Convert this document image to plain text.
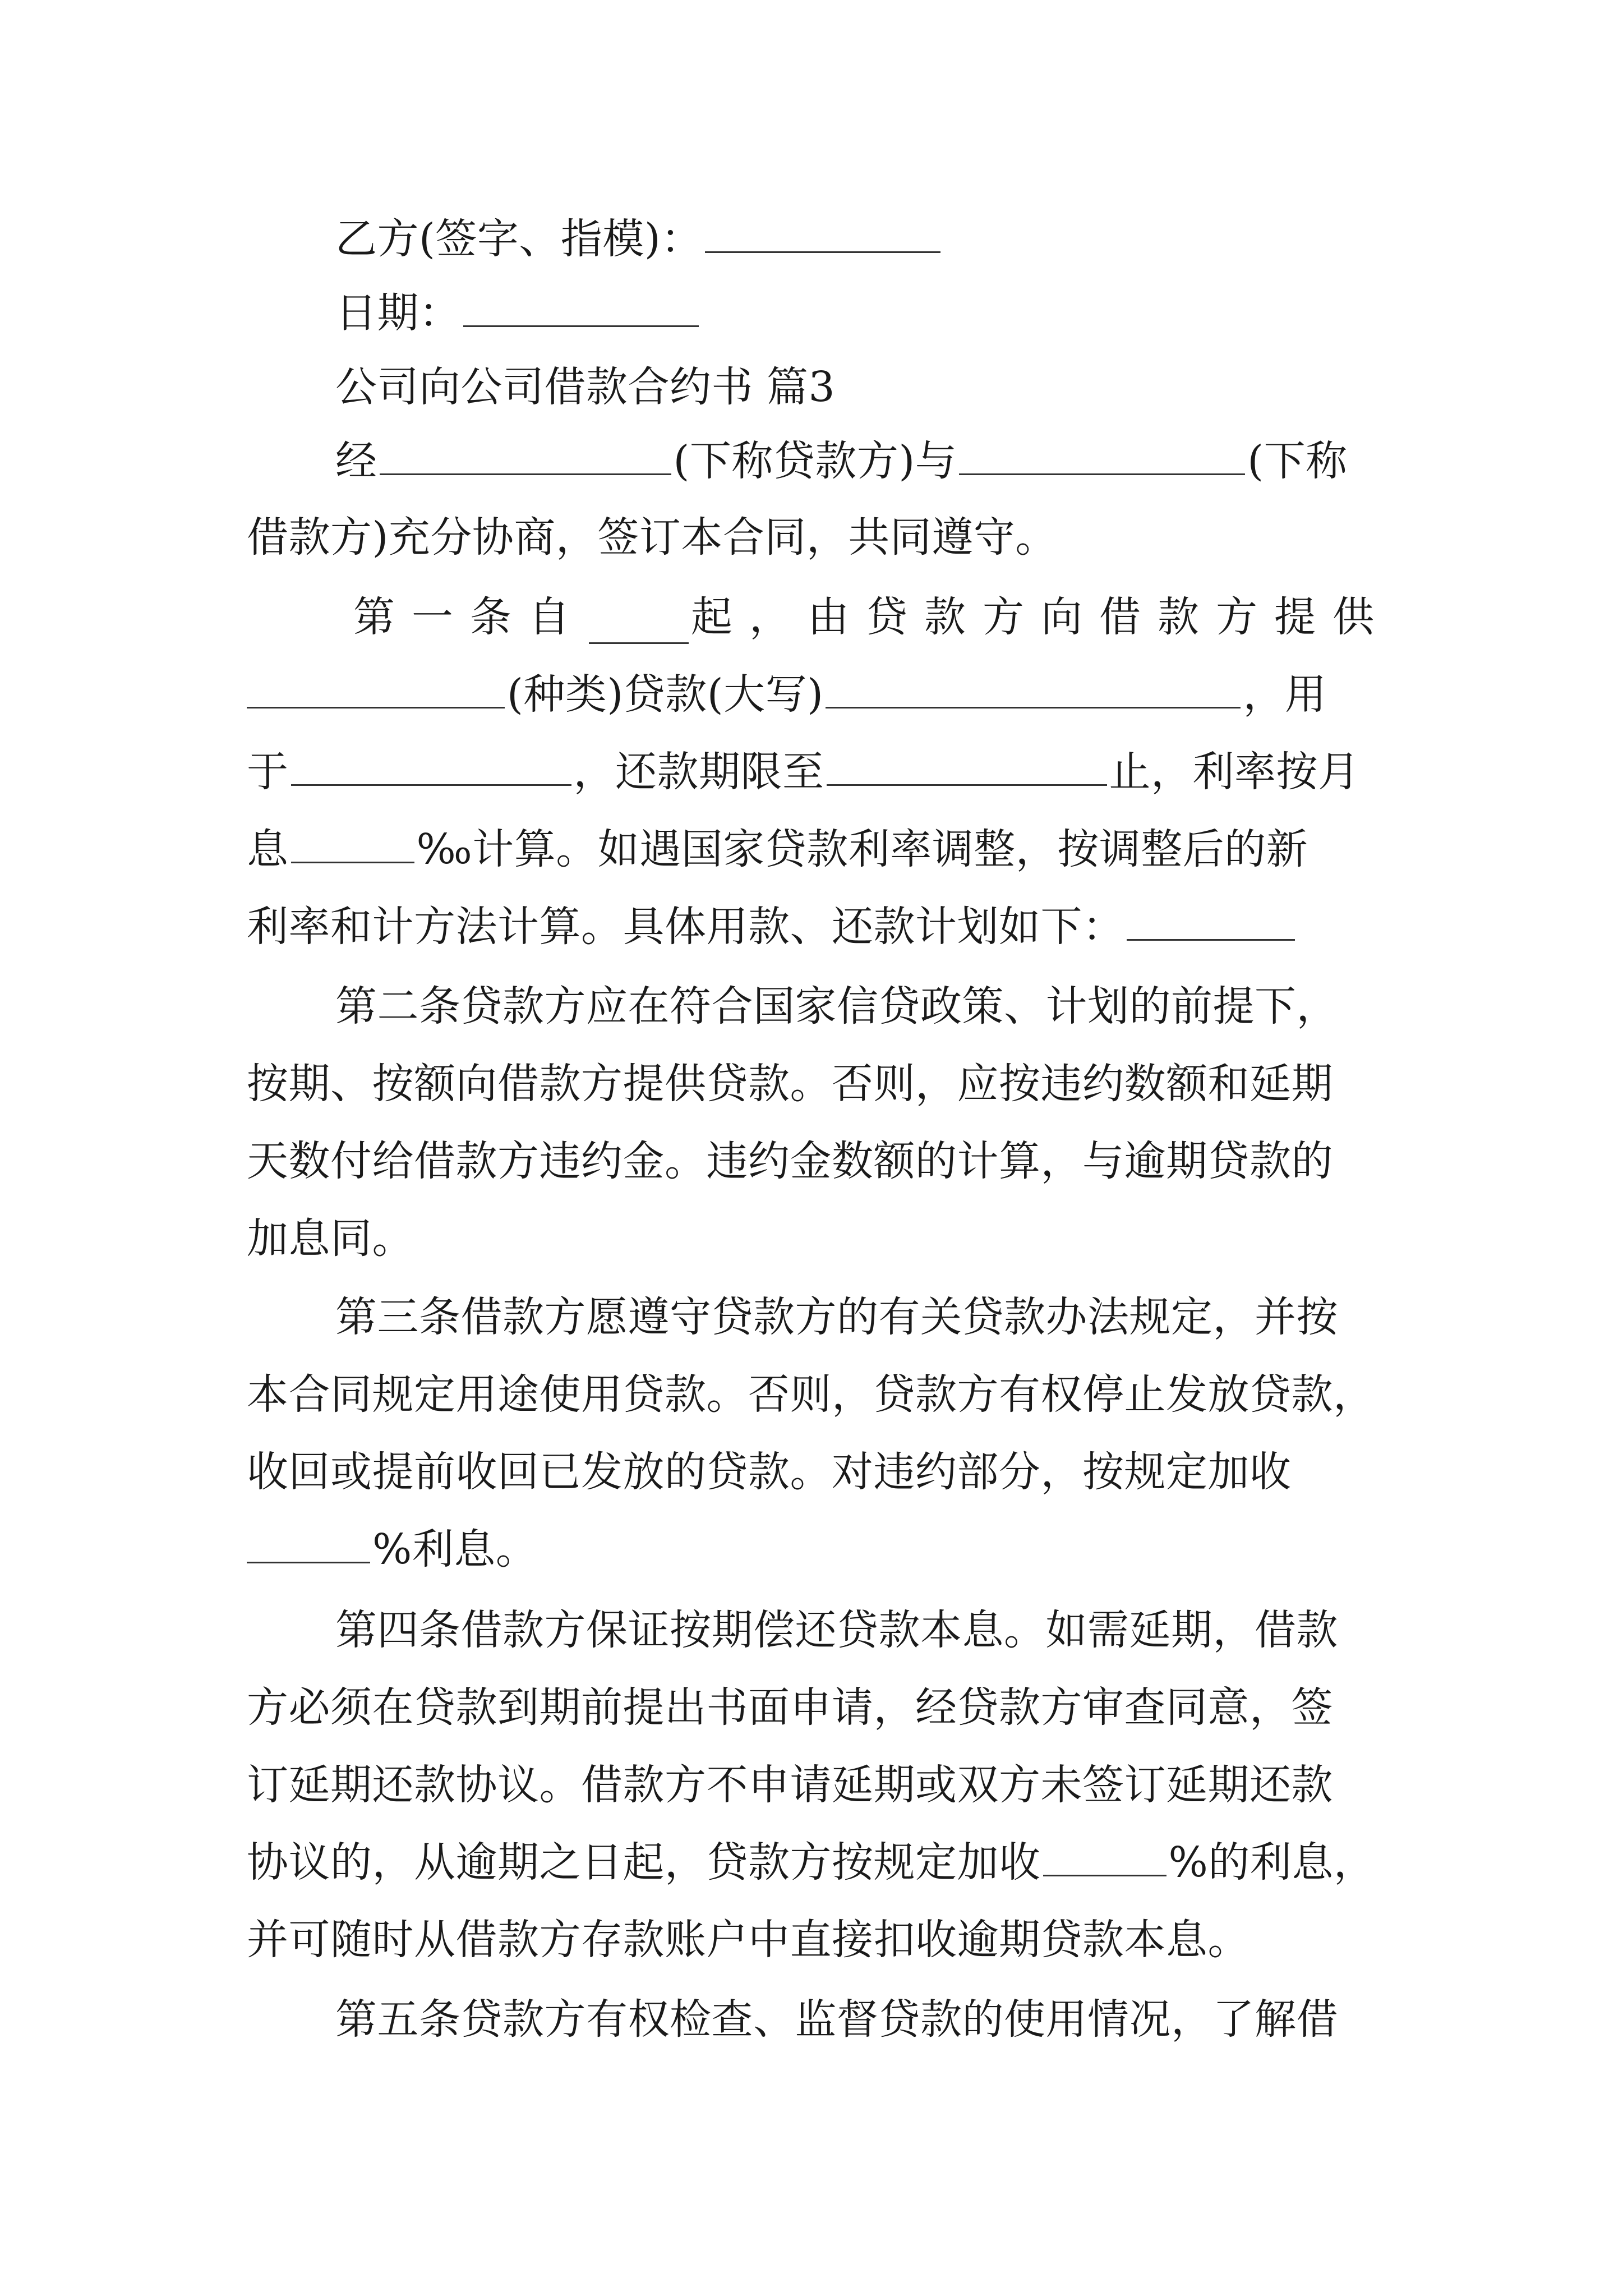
乙方(签字、指模)：
日期：
公司向公司借款合约书 篇3
经	(下称贷款方)与	(下称
借款方)充分协商，签订本合同，共同遵守。
第一条自	起，由贷款方向借款方提供
(种类)贷款(大写)	，用
于	，还款期限至	止，利率按月
息	‰计算。如遇国家贷款利率调整，按调整后的新
利率和计方法计算。具体用款、还款计划如下：
第二条贷款方应在符合国家信贷政策、计划的前提下，
按期、按额向借款方提供贷款。否则，应按违约数额和延期
天数付给借款方违约金。违约金数额的计算，与逾期贷款的
加息同。
第三条借款方愿遵守贷款方的有关贷款办法规定，并按
本合同规定用途使用贷款。否则，贷款方有权停止发放贷款，
收回或提前收回已发放的贷款。对违约部分，按规定加收
%利息。
第四条借款方保证按期偿还贷款本息。如需延期，借款
方必须在贷款到期前提出书面申请，经贷款方审查同意，签
订延期还款协议。借款方不申请延期或双方未签订延期还款
协议的，从逾期之日起，贷款方按规定加收	%的利息，
并可随时从借款方存款账户中直接扣收逾期贷款本息。
第五条贷款方有权检查、监督贷款的使用情况，了解借
